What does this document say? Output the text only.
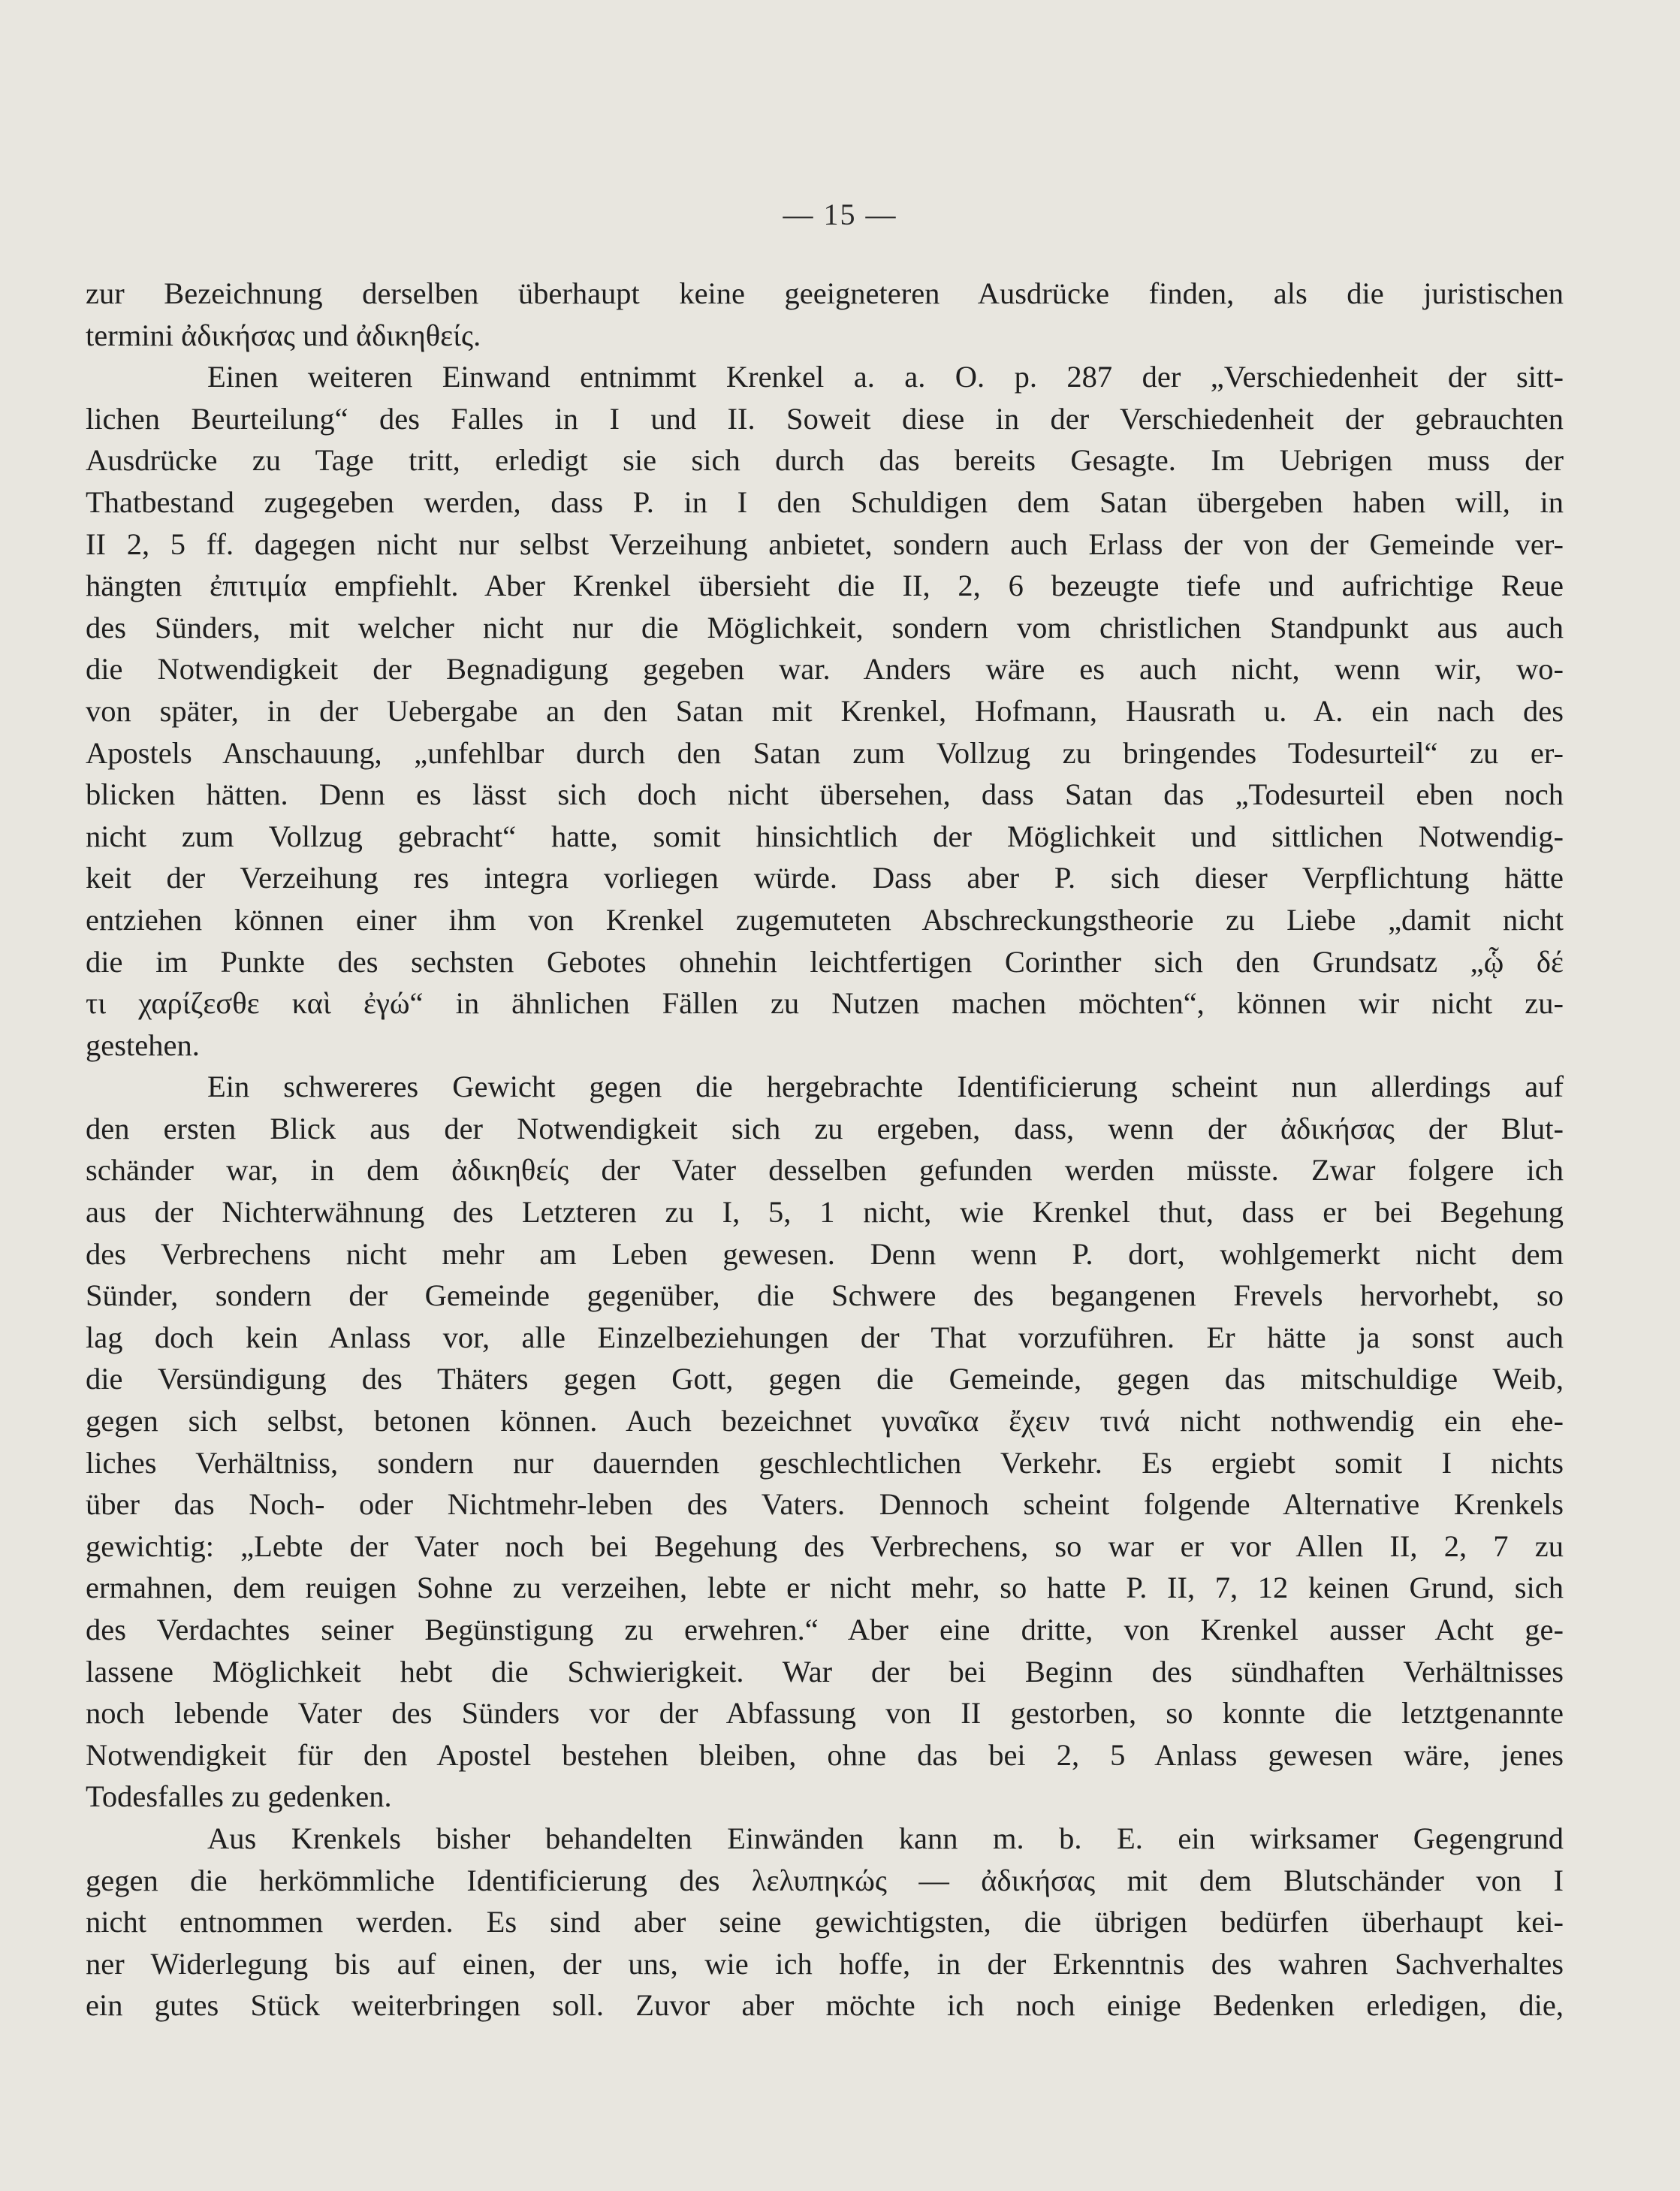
— 15 —
zur Bezeichnung derselben überhaupt keine geeigneteren Ausdrücke finden, als die juristischen
termini ἀδικήσας und ἀδικηθείς.
Einen weiteren Einwand entnimmt Krenkel a. a. O. p. 287 der „Verschiedenheit der sitt-
lichen Beurteilung“ des Falles in I und II. Soweit diese in der Verschiedenheit der gebrauchten
Ausdrücke zu Tage tritt, erledigt sie sich durch das bereits Gesagte. Im Uebrigen muss der
Thatbestand zugegeben werden, dass P. in I den Schuldigen dem Satan übergeben haben will, in
II 2, 5 ff. dagegen nicht nur selbst Verzeihung anbietet, sondern auch Erlass der von der Gemeinde ver-
hängten ἐπιτιμία empfiehlt. Aber Krenkel übersieht die II, 2, 6 bezeugte tiefe und aufrichtige Reue
des Sünders, mit welcher nicht nur die Möglichkeit, sondern vom christlichen Standpunkt aus auch
die Notwendigkeit der Begnadigung gegeben war. Anders wäre es auch nicht, wenn wir, wo-
von später, in der Uebergabe an den Satan mit Krenkel, Hofmann, Hausrath u. A. ein nach des
Apostels Anschauung, „unfehlbar durch den Satan zum Vollzug zu bringendes Todesurteil“ zu er-
blicken hätten. Denn es lässt sich doch nicht übersehen, dass Satan das „Todesurteil eben noch
nicht zum Vollzug gebracht“ hatte, somit hinsichtlich der Möglichkeit und sittlichen Notwendig-
keit der Verzeihung res integra vorliegen würde. Dass aber P. sich dieser Verpflichtung hätte
entziehen können einer ihm von Krenkel zugemuteten Abschreckungstheorie zu Liebe „damit nicht
die im Punkte des sechsten Gebotes ohnehin leichtfertigen Corinther sich den Grundsatz „ᾧ δέ
τι χαρίζεσθε καὶ ἐγώ“ in ähnlichen Fällen zu Nutzen machen möchten“, können wir nicht zu-
gestehen.
Ein schwereres Gewicht gegen die hergebrachte Identificierung scheint nun allerdings auf
den ersten Blick aus der Notwendigkeit sich zu ergeben, dass, wenn der ἀδικήσας der Blut-
schänder war, in dem ἀδικηθείς der Vater desselben gefunden werden müsste. Zwar folgere ich
aus der Nichterwähnung des Letzteren zu I, 5, 1 nicht, wie Krenkel thut, dass er bei Begehung
des Verbrechens nicht mehr am Leben gewesen. Denn wenn P. dort, wohlgemerkt nicht dem
Sünder, sondern der Gemeinde gegenüber, die Schwere des begangenen Frevels hervorhebt, so
lag doch kein Anlass vor, alle Einzelbeziehungen der That vorzuführen. Er hätte ja sonst auch
die Versündigung des Thäters gegen Gott, gegen die Gemeinde, gegen das mitschuldige Weib,
gegen sich selbst, betonen können. Auch bezeichnet γυναῖκα ἔχειν τινά nicht nothwendig ein ehe-
liches Verhältniss, sondern nur dauernden geschlechtlichen Verkehr. Es ergiebt somit I nichts
über das Noch- oder Nichtmehr-leben des Vaters. Dennoch scheint folgende Alternative Krenkels
gewichtig: „Lebte der Vater noch bei Begehung des Verbrechens, so war er vor Allen II, 2, 7 zu
ermahnen, dem reuigen Sohne zu verzeihen, lebte er nicht mehr, so hatte P. II, 7, 12 keinen Grund, sich
des Verdachtes seiner Begünstigung zu erwehren.“ Aber eine dritte, von Krenkel ausser Acht ge-
lassene Möglichkeit hebt die Schwierigkeit. War der bei Beginn des sündhaften Verhältnisses
noch lebende Vater des Sünders vor der Abfassung von II gestorben, so konnte die letztgenannte
Notwendigkeit für den Apostel bestehen bleiben, ohne das bei 2, 5 Anlass gewesen wäre, jenes
Todesfalles zu gedenken.
Aus Krenkels bisher behandelten Einwänden kann m. b. E. ein wirksamer Gegengrund
gegen die herkömmliche Identificierung des λελυπηκώς — ἀδικήσας mit dem Blutschänder von I
nicht entnommen werden. Es sind aber seine gewichtigsten, die übrigen bedürfen überhaupt kei-
ner Widerlegung bis auf einen, der uns, wie ich hoffe, in der Erkenntnis des wahren Sachverhaltes
ein gutes Stück weiterbringen soll. Zuvor aber möchte ich noch einige Bedenken erledigen, die,
